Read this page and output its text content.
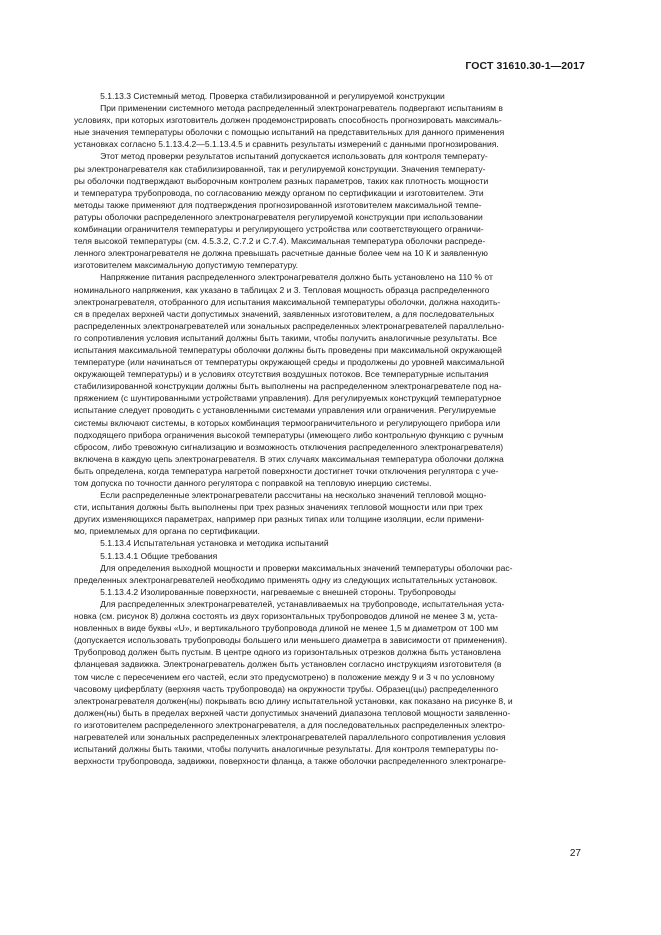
ГОСТ 31610.30-1—2017
5.1.13.3 Системный метод. Проверка стабилизированной и регулируемой конструкции
При применении системного метода распределенный электронагреватель подвергают испытаниям в
условиях, при которых изготовитель должен продемонстрировать способность прогнозировать максималь-
ные значения температуры оболочки с помощью испытаний на представительных для данного применения
установках согласно 5.1.13.4.2—5.1.13.4.5 и сравнить результаты измерений с данными прогнозирования.
Этот метод проверки результатов испытаний допускается использовать для контроля температу-
ры электронагревателя как стабилизированной, так и регулируемой конструкции. Значения температу-
ры оболочки подтверждают выборочным контролем разных параметров, таких как плотность мощности
и температура трубопровода, по согласованию между органом по сертификации и изготовителем. Эти
методы также применяют для подтверждения прогнозированной изготовителем максимальной темпе-
ратуры оболочки распределенного электронагревателя регулируемой конструкции при использовании
комбинации ограничителя температуры и регулирующего устройства или соответствующего ограничи-
теля высокой температуры (см. 4.5.3.2, С.7.2 и С.7.4). Максимальная температура оболочки распреде-
ленного электронагревателя не должна превышать расчетные данные более чем на 10 К и заявленную
изготовителем максимальную допустимую температуру.
Напряжение питания распределенного электронагревателя должно быть установлено на 110 % от
номинального напряжения, как указано в таблицах 2 и 3. Тепловая мощность образца распределенного
электронагревателя, отобранного для испытания максимальной температуры оболочки, должна находить-
ся в пределах верхней части допустимых значений, заявленных изготовителем, а для последовательных
распределенных электронагревателей или зональных распределенных электронагревателей параллельно-
го сопротивления условия испытаний должны быть такими, чтобы получить аналогичные результаты. Все
испытания максимальной температуры оболочки должны быть проведены при максимальной окружающей
температуре (или начинаться от температуры окружающей среды и продолжены до уровней максимальной
окружающей температуры) и в условиях отсутствия воздушных потоков. Все температурные испытания
стабилизированной конструкции должны быть выполнены на распределенном электронагревателе под на-
пряжением (с шунтированными устройствами управления). Для регулируемых конструкций температурное
испытание следует проводить с установленными системами управления или ограничения. Регулируемые
системы включают системы, в которых комбинация термоограничительного и регулирующего прибора или
подходящего прибора ограничения высокой температуры (имеющего либо контрольную функцию с ручным
сбросом, либо тревожную сигнализацию и возможность отключения распределенного электронагревателя)
включена в каждую цепь электронагревателя. В этих случаях максимальная температура оболочки должна
быть определена, когда температура нагретой поверхности достигнет точки отключения регулятора с уче-
том допуска по точности данного регулятора с поправкой на тепловую инерцию системы.
Если распределенные электронагреватели рассчитаны на несколько значений тепловой мощно-
сти, испытания должны быть выполнены при трех разных значениях тепловой мощности или при трех
других изменяющихся параметрах, например при разных типах или толщине изоляции, если примени-
мо, приемлемых для органа по сертификации.
5.1.13.4 Испытательная установка и методика испытаний
5.1.13.4.1 Общие требования
Для определения выходной мощности и проверки максимальных значений температуры оболочки рас-
пределенных электронагревателей необходимо применять одну из следующих испытательных установок.
5.1.13.4.2 Изолированные поверхности, нагреваемые с внешней стороны. Трубопроводы
Для распределенных электронагревателей, устанавливаемых на трубопроводе, испытательная уста-
новка (см. рисунок 8) должна состоять из двух горизонтальных трубопроводов длиной не менее 3 м, уста-
новленных в виде буквы «U», и вертикального трубопровода длиной не менее 1,5 м диаметром от 100 мм
(допускается использовать трубопроводы большего или меньшего диаметра в зависимости от применения).
Трубопровод должен быть пустым. В центре одного из горизонтальных отрезков должна быть установлена
фланцевая задвижка. Электронагреватель должен быть установлен согласно инструкциям изготовителя (в
том числе с пересечением его частей, если это предусмотрено) в положение между 9 и 3 ч по условному
часовому циферблату (верхняя часть трубопровода) на окружности трубы. Образец(цы) распределенного
электронагревателя должен(ны) покрывать всю длину испытательной установки, как показано на рисунке 8, и
должен(ны) быть в пределах верхней части допустимых значений диапазона тепловой мощности заявленно-
го изготовителем распределенного электронагревателя, а для последовательных распределенных электро-
нагревателей или зональных распределенных электронагревателей параллельного сопротивления условия
испытаний должны быть такими, чтобы получить аналогичные результаты. Для контроля температуры по-
верхности трубопровода, задвижки, поверхности фланца, а также оболочки распределенного электронагре-
27
